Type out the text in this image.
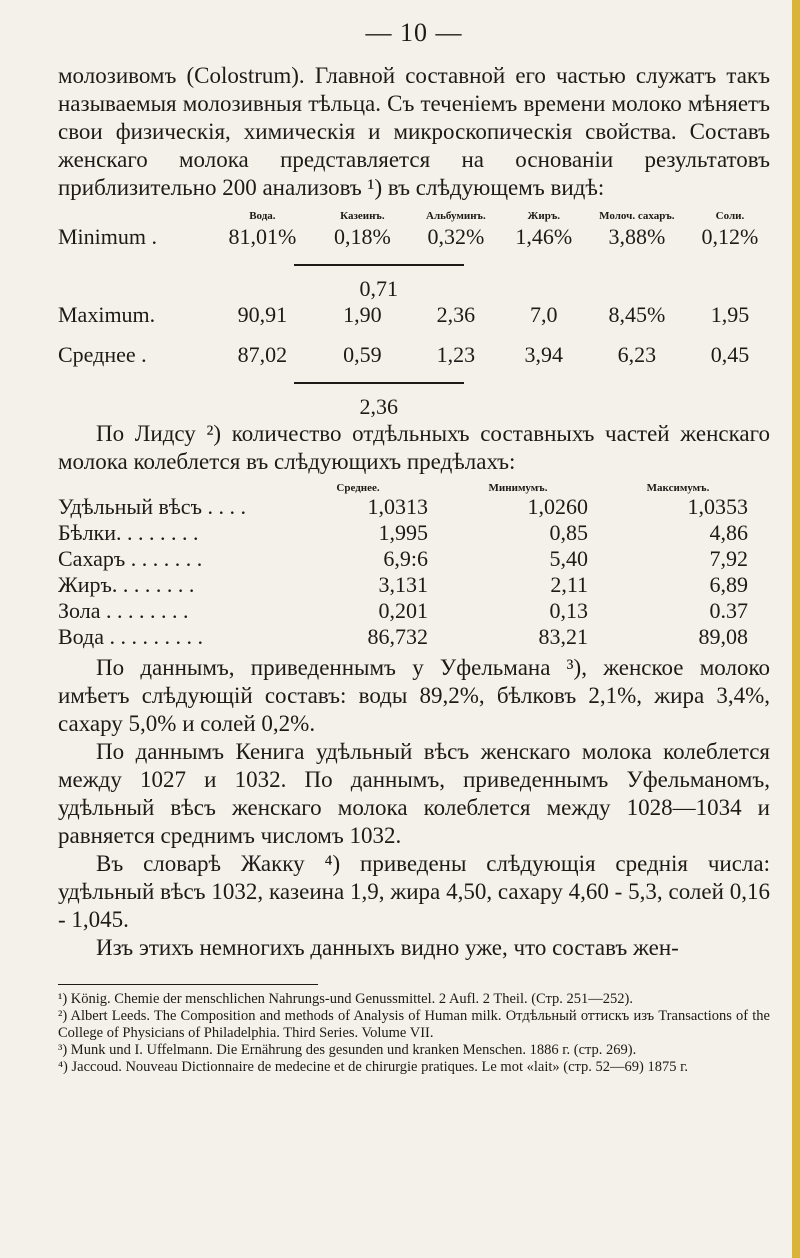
— 10 —

молозивомъ (Colostrum). Главной составной его частью служатъ такъ называемыя молозивныя тѣльца. Съ теченіемъ времени молоко мѣняетъ свои физическія, химическія и микроскопическія свойства. Составъ женскаго молока представляется на основаніи результатовъ приблизительно 200 анализовъ ¹) въ слѣдующемъ видѣ:

	Вода.	Казеинъ.	Альбуминъ.	Жиръ.	Молоч. сахаръ.	Соли.
Minimum .	81,01%	0,18%	0,32%	1,46%	3,88%	0,12%

0,71					
Maximum.	90,91	1,90	2,36	7,0	8,45%	1,95

Среднее .	87,02	0,59	1,23	3,94	6,23	0,45

2,36					

По Лидсу ²) количество отдѣльныхъ составныхъ частей женскаго молока колеблется въ слѣдующихъ предѣлахъ:

	Среднее.	Минимумъ.	Максимумъ.
Удѣльный вѣсъ . . . .	1,0313	1,0260	1,0353
Бѣлки. . . . . . . .	1,995	0,85	4,86
Сахаръ . . . . . . .	6,9:6	5,40	7,92
Жиръ. . . . . . . .	3,131	2,11	6,89
Зола . . . . . . . .	0,201	0,13	0.37
Вода . . . . . . . . .	86,732	83,21	89,08

По даннымъ, приведеннымъ у Уфельмана ³), женское молоко имѣетъ слѣдующій составъ: воды 89,2%, бѣлковъ 2,1%, жира 3,4%, сахару 5,0% и солей 0,2%.

По даннымъ Кенига удѣльный вѣсъ женскаго молока колеблется между 1027 и 1032. По даннымъ, приведеннымъ Уфельманомъ, удѣльный вѣсъ женскаго молока колеблется между 1028—1034 и равняется среднимъ числомъ 1032.

Въ словарѣ Жакку ⁴) приведены слѣдующія среднія числа: удѣльный вѣсъ 1032, казеина 1,9, жира 4,50, сахару 4,60 - 5,3, солей 0,16 - 1,045.

Изъ этихъ немногихъ данныхъ видно уже, что составъ жен-

¹) König. Chemie der menschlichen Nahrungs-und Genussmittel. 2 Aufl. 2 Theil. (Стр. 251—252).

²) Albert Leeds. The Composition and methods of Analysis of Human milk. Отдѣльный оттискъ изъ Transactions of the College of Physicians of Philadelphia. Third Series. Volume VII.

³) Munk und I. Uffelmann. Die Ernährung des gesunden und kranken Menschen. 1886 г. (стр. 269).

⁴) Jaccoud. Nouveau Dictionnaire de medecine et de chirurgie pratiques. Le mot «lait» (стр. 52—69) 1875 г.
